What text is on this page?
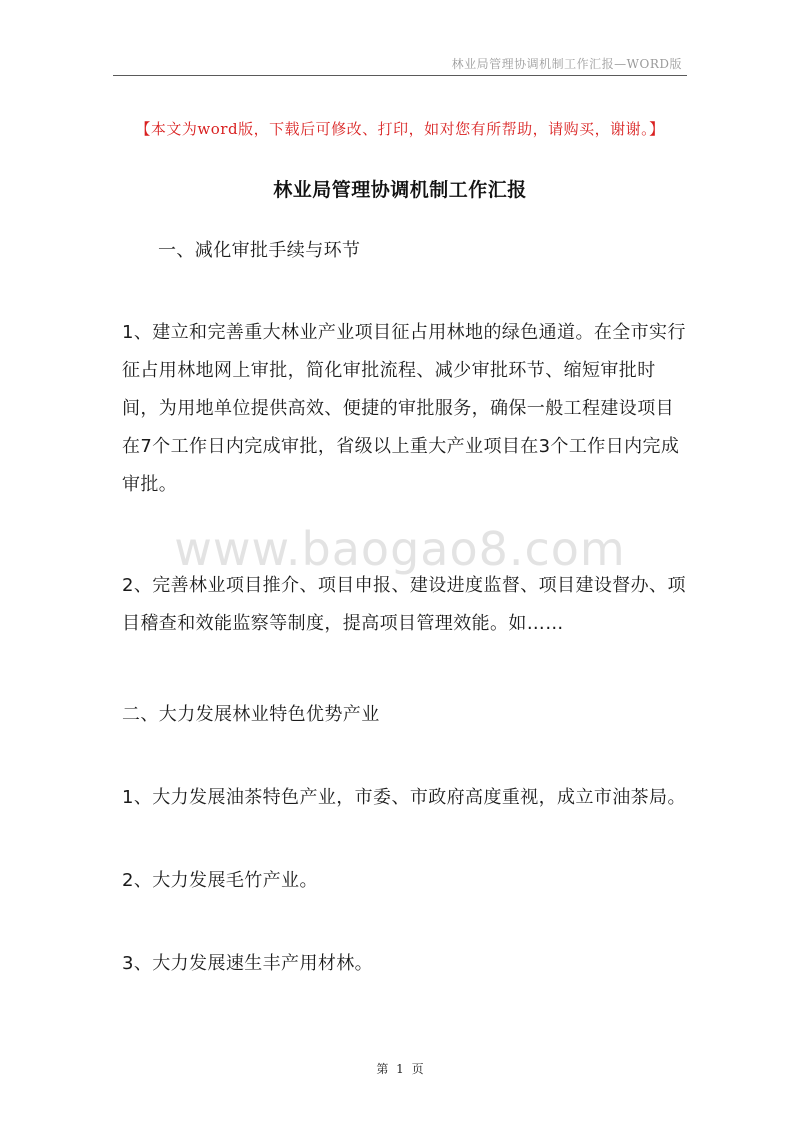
林业局管理协调机制工作汇报—WORD版
【本文为word版，下载后可修改、打印，如对您有所帮助，请购买，谢谢。】
林业局管理协调机制工作汇报
www.baogao8.com
一、减化审批手续与环节
1、建立和完善重大林业产业项目征占用林地的绿色通道。在全市实行征占用林地网上审批，简化审批流程、减少审批环节、缩短审批时间，为用地单位提供高效、便捷的审批服务，确保一般工程建设项目在7个工作日内完成审批，省级以上重大产业项目在3个工作日内完成审批。
2、完善林业项目推介、项目申报、建设进度监督、项目建设督办、项目稽查和效能监察等制度，提高项目管理效能。如……
二、大力发展林业特色优势产业
1、大力发展油茶特色产业，市委、市政府高度重视，成立市油茶局。
2、大力发展毛竹产业。
3、大力发展速生丰产用材林。
第 1 页
